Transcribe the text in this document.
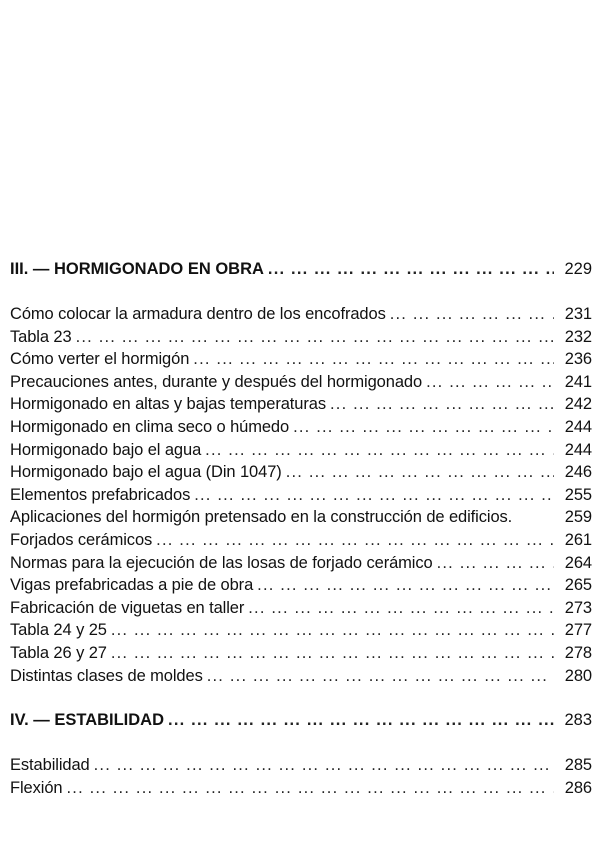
III. — HORMIGONADO EN OBRA ... .	229
Cómo colocar la armadura dentro de los encofrados ... .	231
Tabla 23 ... .	232
Cómo verter el hormigón ... .	236
Precauciones antes, durante y después del hormigonado ... .	241
Hormigonado en altas y bajas temperaturas ... .	242
Hormigonado en clima seco o húmedo ... .	244
Hormigonado bajo el agua ... .	244
Hormigonado bajo el agua (Din 1047) ... .	246
Elementos prefabricados ... .	255
Aplicaciones del hormigón pretensado en la construcción de edificios.	259
Forjados cerámicos ... .	261
Normas para la ejecución de las losas de forjado cerámico ... .	264
Vigas prefabricadas a pie de obra ... .	265
Fabricación de viguetas en taller ... .	273
Tabla 24 y 25 ... .	277
Tabla 26 y 27 ... .	278
Distintas clases de moldes ... .	280
IV. — ESTABILIDAD ... .	283
Estabilidad ... .	285
Flexión ... .	286
